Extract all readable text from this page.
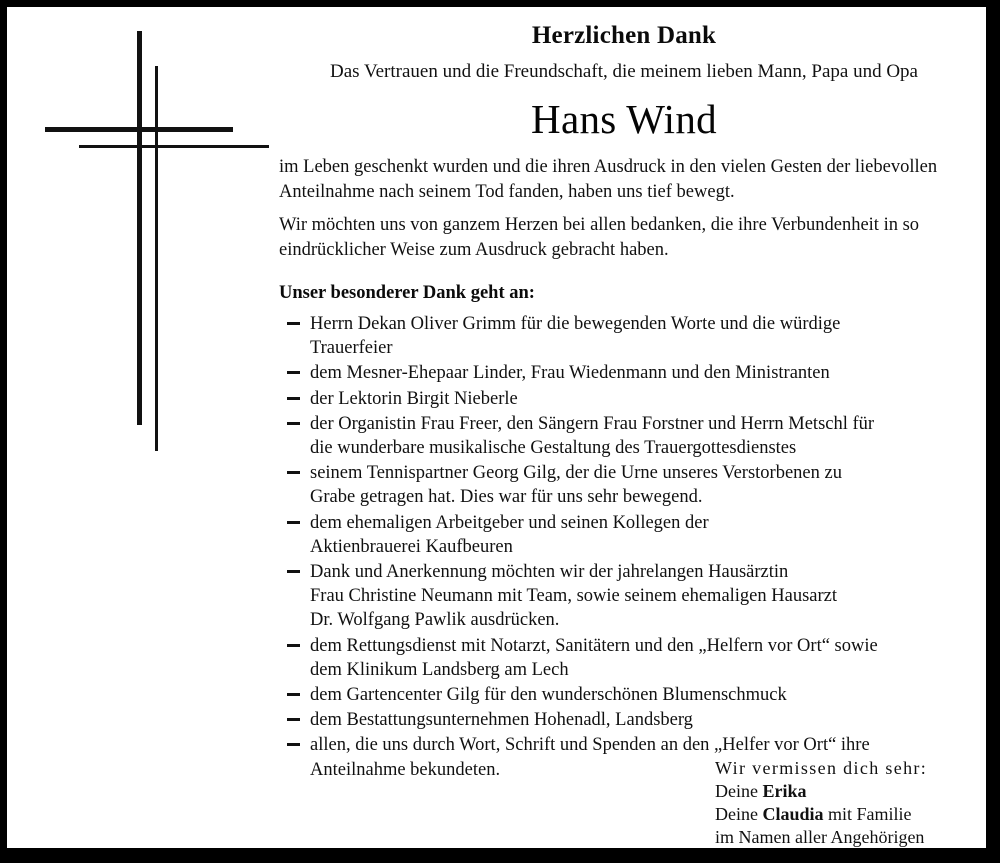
Herzlichen Dank
Das Vertrauen und die Freundschaft, die meinem lieben Mann, Papa und Opa
Hans Wind
im Leben geschenkt wurden und die ihren Ausdruck in den vielen Gesten der liebevollen Anteilnahme nach seinem Tod fanden, haben uns tief bewegt.
Wir möchten uns von ganzem Herzen bei allen bedanken, die ihre Verbundenheit in so eindrücklicher Weise zum Ausdruck gebracht haben.
Unser besonderer Dank geht an:
Herrn Dekan Oliver Grimm für die bewegenden Worte und die würdige
Trauerfeier
dem Mesner-Ehepaar Linder, Frau Wiedenmann und den Ministranten
der Lektorin Birgit Nieberle
der Organistin Frau Freer, den Sängern Frau Forstner und Herrn Metschl für
die wunderbare musikalische Gestaltung des Trauergottesdienstes
seinem Tennispartner Georg Gilg, der die Urne unseres Verstorbenen zu
Grabe getragen hat. Dies war für uns sehr bewegend.
dem ehemaligen Arbeitgeber und seinen Kollegen der
Aktienbrauerei Kaufbeuren
Dank und Anerkennung möchten wir der jahrelangen Hausärztin
Frau Christine Neumann mit Team, sowie seinem ehemaligen Hausarzt
Dr. Wolfgang Pawlik ausdrücken.
dem Rettungsdienst mit Notarzt, Sanitätern und den „Helfern vor Ort“ sowie
dem Klinikum Landsberg am Lech
dem Gartencenter Gilg für den wunderschönen Blumenschmuck
dem Bestattungsunternehmen Hohenadl, Landsberg
allen, die uns durch Wort, Schrift und Spenden an den „Helfer vor Ort“ ihre
Anteilnahme bekundeten.	Wir vermissen dich sehr:
Deine Erika
Deine Claudia mit Familie
im Namen aller Angehörigen
